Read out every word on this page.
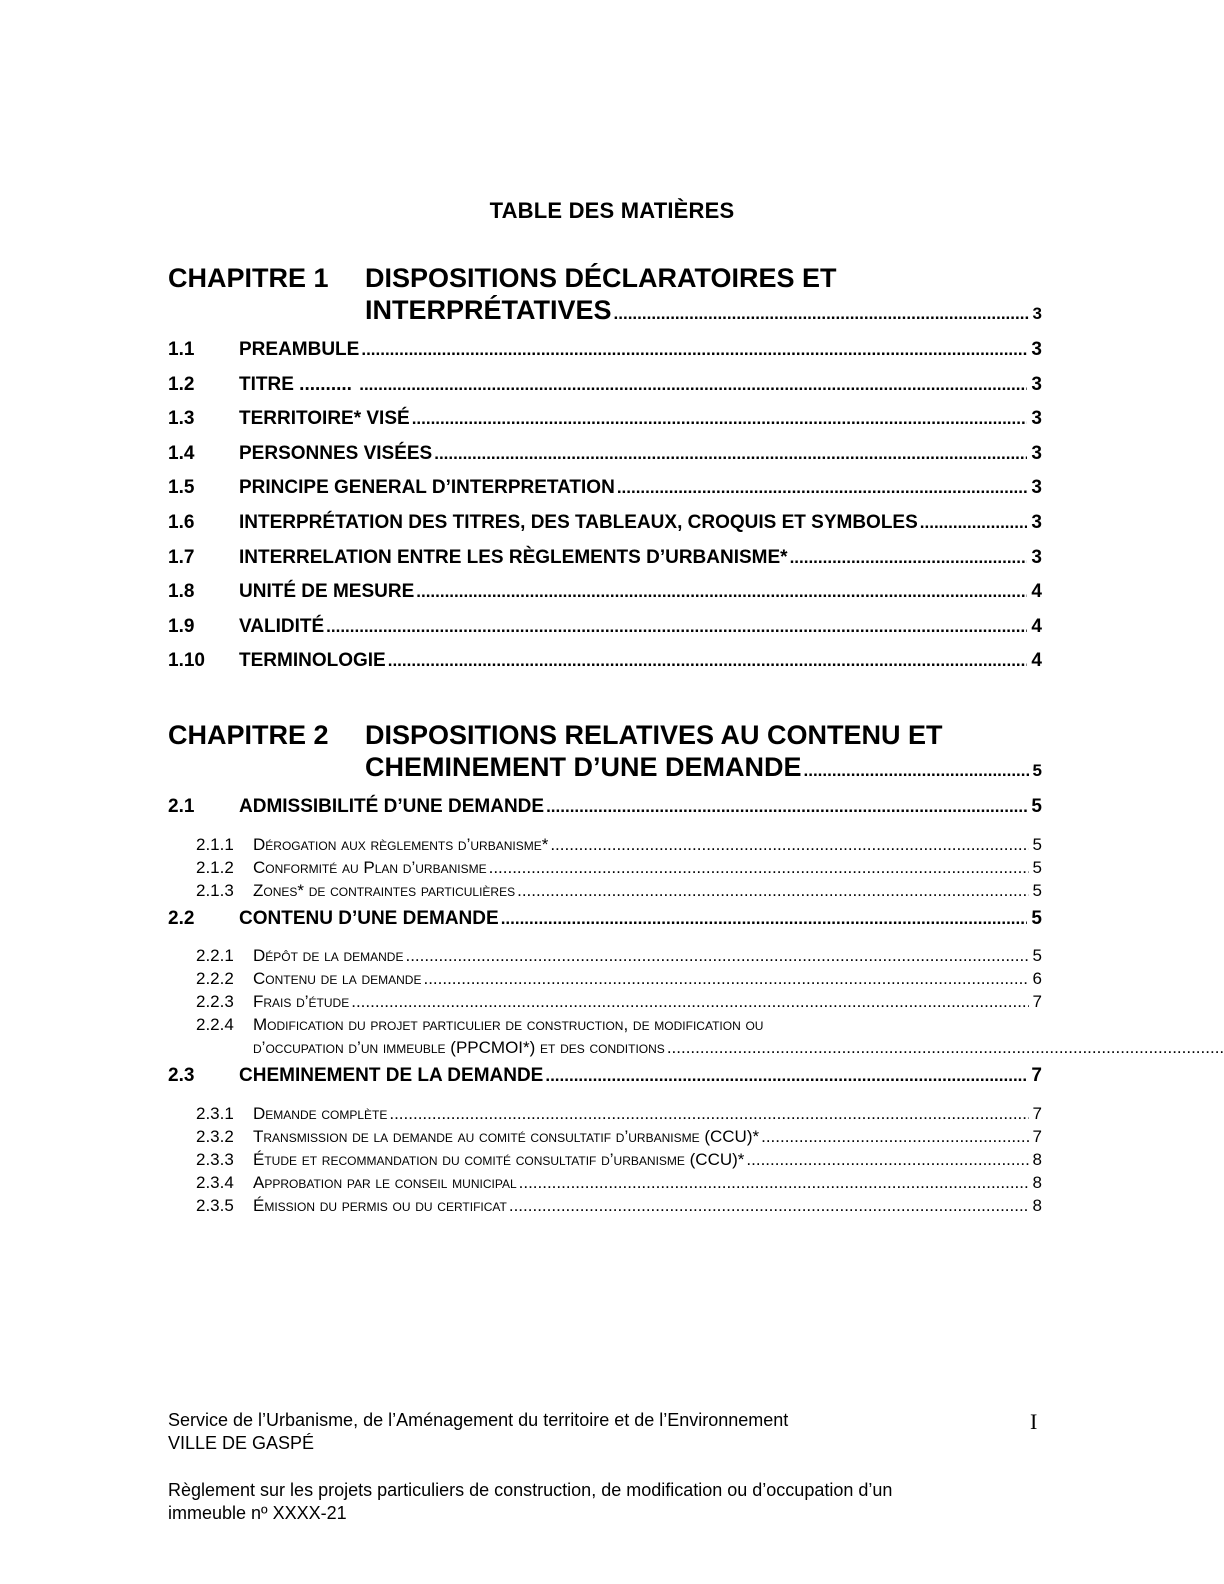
TABLE DES MATIÈRES
CHAPITRE 1 DISPOSITIONS DÉCLARATOIRES ET
INTERPRÉTATIVES .....	3
1.1	PREAMBULE .....	3
1.2	TITRE .......... .....	3
1.3	TERRITOIRE* VISÉ .....	3
1.4	PERSONNES VISÉES .....	3
1.5	PRINCIPE GENERAL D’INTERPRETATION .....	3
1.6	INTERPRÉTATION DES TITRES, DES TABLEAUX, CROQUIS ET SYMBOLES .....	3
1.7	INTERRELATION ENTRE LES RÈGLEMENTS D’URBANISME* .....	3
1.8	UNITÉ DE MESURE .....	4
1.9	VALIDITÉ .....	4
1.10	TERMINOLOGIE .....	4
CHAPITRE 2 DISPOSITIONS RELATIVES AU CONTENU ET
CHEMINEMENT D’UNE DEMANDE .....	5
2.1	ADMISSIBILITÉ D’UNE DEMANDE .....	5
2.1.1	Dérogation aux règlements d’urbanisme* .....	5
2.1.2	Conformité au Plan d’urbanisme .....	5
2.1.3	Zones* de contraintes particulières .....	5
2.2	CONTENU D’UNE DEMANDE .....	5
2.2.1	Dépôt de la demande .....	5
2.2.2	Contenu de la demande .....	6
2.2.3	Frais d’étude .....	7
2.2.4	Modification du projet particulier de construction, de modification ou
d’occupation d’un immeuble (PPCMOI*) et des conditions
.....
2.3	CHEMINEMENT DE LA DEMANDE .....	7
2.3.1	Demande complète .....	7
2.3.2	Transmission de la demande au comité consultatif d’urbanisme (CCU)* .....	7
2.3.3	Étude et recommandation du comité consultatif d’urbanisme (CCU)* .....	8
2.3.4	Approbation par le conseil municipal .....	8
2.3.5	Émission du permis ou du certificat .....	8
Service de l’Urbanisme, de l’Aménagement du territoire et de l’Environnement
VILLE DE GASPÉ
I
Règlement sur les projets particuliers de construction, de modification ou d’occupation d’un
immeuble nº XXXX-21
